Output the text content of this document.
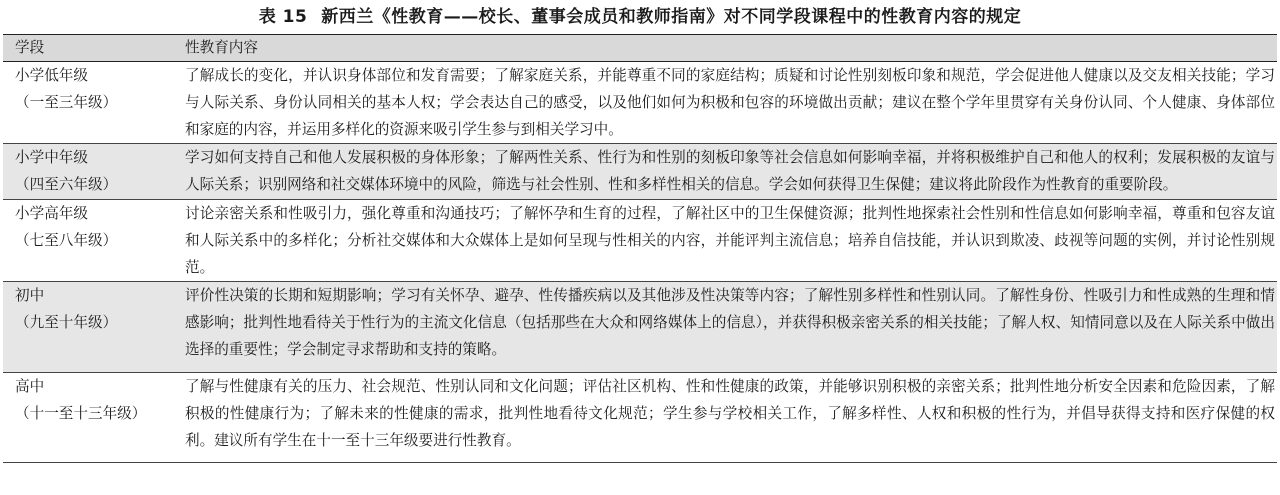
表 15 新西兰《性教育——校长、董事会成员和教师指南》对不同学段课程中的性教育内容的规定
学段	性教育内容

小学低年级
（一至三年级）	了解成长的变化，并认识身体部位和发育需要；了解家庭关系，并能尊重不同的家庭结构；质疑和讨论性别刻板印象和规范，学会促进他人健康以及交友相关技能；学习与人际关系、身份认同相关的基本人权；学会表达自己的感受，以及他们如何为积极和包容的环境做出贡献；建议在整个学年里贯穿有关身份认同、个人健康、身体部位和家庭的内容，并运用多样化的资源来吸引学生参与到相关学习中。

小学中年级
（四至六年级）	学习如何支持自己和他人发展积极的身体形象；了解两性关系、性行为和性别的刻板印象等社会信息如何影响幸福，并将积极维护自己和他人的权利；发展积极的友谊与人际关系；识别网络和社交媒体环境中的风险，筛选与社会性别、性和多样性相关的信息。学会如何获得卫生保健；建议将此阶段作为性教育的重要阶段。

小学高年级
（七至八年级）	讨论亲密关系和性吸引力，强化尊重和沟通技巧；了解怀孕和生育的过程，了解社区中的卫生保健资源；批判性地探索社会性别和性信息如何影响幸福，尊重和包容友谊和人际关系中的多样化；分析社交媒体和大众媒体上是如何呈现与性相关的内容，并能评判主流信息；培养自信技能，并认识到欺凌、歧视等问题的实例，并讨论性别规范。

初中
（九至十年级）	评价性决策的长期和短期影响；学习有关怀孕、避孕、性传播疾病以及其他涉及性决策等内容；了解性别多样性和性别认同。了解性身份、性吸引力和性成熟的生理和情感影响；批判性地看待关于性行为的主流文化信息（包括那些在大众和网络媒体上的信息），并获得积极亲密关系的相关技能；了解人权、知情同意以及在人际关系中做出选择的重要性；学会制定寻求帮助和支持的策略。

高中
（十一至十三年级）	了解与性健康有关的压力、社会规范、性别认同和文化问题；评估社区机构、性和性健康的政策，并能够识别积极的亲密关系；批判性地分析安全因素和危险因素，了解积极的性健康行为；了解未来的性健康的需求，批判性地看待文化规范；学生参与学校相关工作，了解多样性、人权和积极的性行为，并倡导获得支持和医疗保健的权利。建议所有学生在十一至十三年级要进行性教育。
